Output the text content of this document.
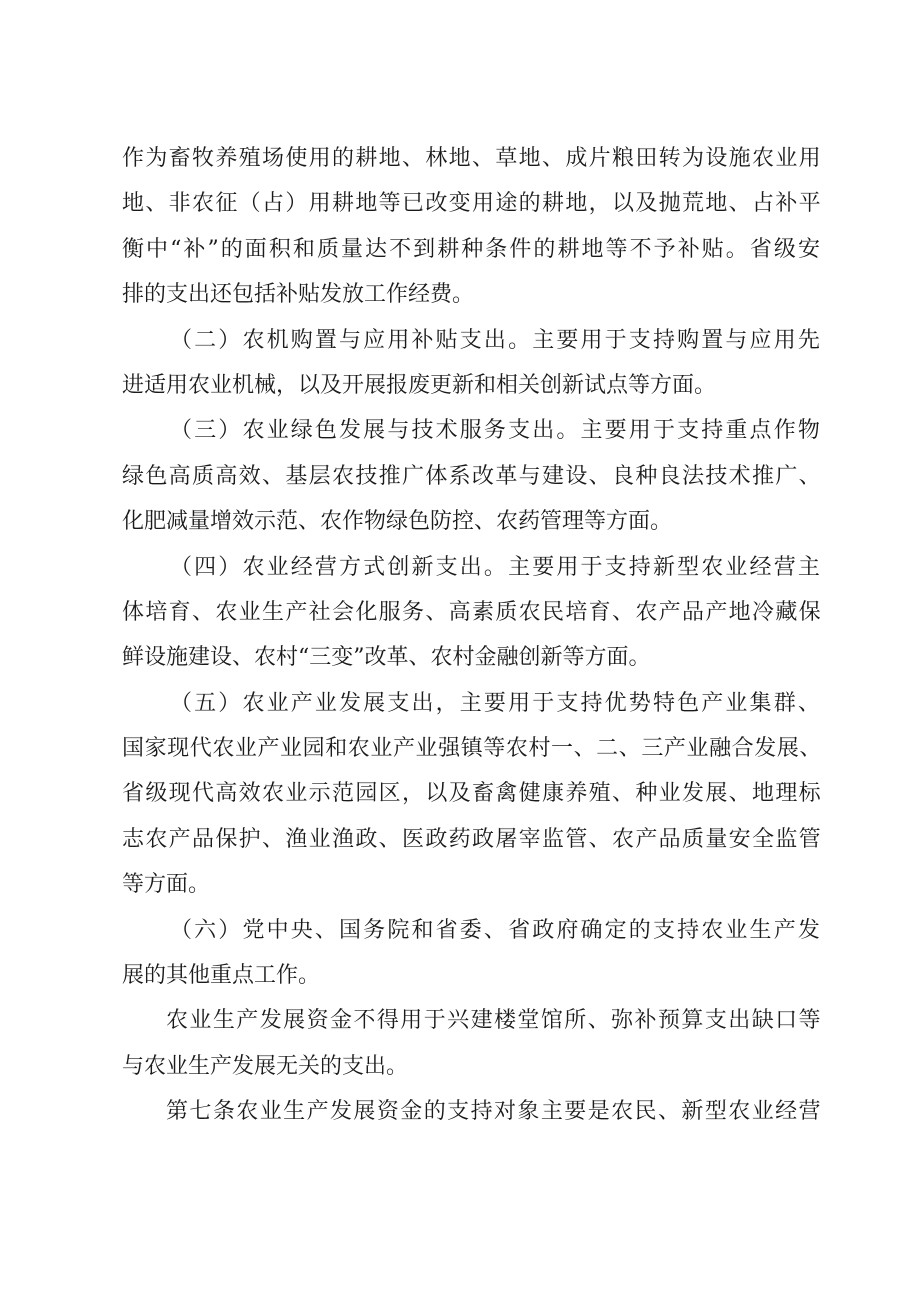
作为畜牧养殖场使用的耕地、林地、草地、成片粮田转为设施农业用
地、非农征（占）用耕地等已改变用途的耕地，以及抛荒地、占补平
衡中“补”的面积和质量达不到耕种条件的耕地等不予补贴。省级安
排的支出还包括补贴发放工作经费。
（二）农机购置与应用补贴支出。主要用于支持购置与应用先
进适用农业机械，以及开展报废更新和相关创新试点等方面。
（三）农业绿色发展与技术服务支出。主要用于支持重点作物
绿色高质高效、基层农技推广体系改革与建设、良种良法技术推广、
化肥减量增效示范、农作物绿色防控、农药管理等方面。
（四）农业经营方式创新支出。主要用于支持新型农业经营主
体培育、农业生产社会化服务、高素质农民培育、农产品产地冷藏保
鲜设施建设、农村“三变”改革、农村金融创新等方面。
（五）农业产业发展支出，主要用于支持优势特色产业集群、
国家现代农业产业园和农业产业强镇等农村一、二、三产业融合发展、
省级现代高效农业示范园区，以及畜禽健康养殖、种业发展、地理标
志农产品保护、渔业渔政、医政药政屠宰监管、农产品质量安全监管
等方面。
（六）党中央、国务院和省委、省政府确定的支持农业生产发
展的其他重点工作。
农业生产发展资金不得用于兴建楼堂馆所、弥补预算支出缺口等
与农业生产发展无关的支出。
第七条农业生产发展资金的支持对象主要是农民、新型农业经营
